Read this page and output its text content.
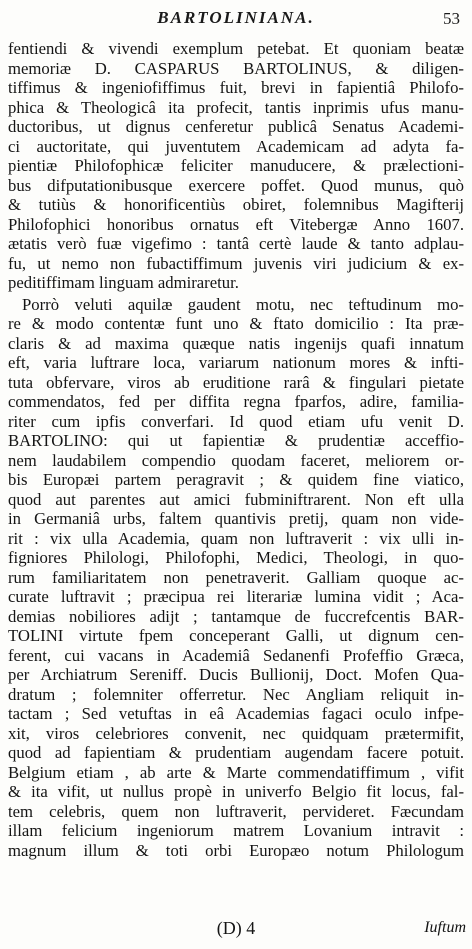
BARTOLINIANA.	53
fentiendi & vivendi exemplum petebat. Et quoniam beatæ
memoriæ D. CASPARUS BARTOLINUS, & diligen-
tiffimus & ingeniofiffimus fuit, brevi in fapientiâ Philofo-
phica & Theologicâ ita profecit, tantis inprimis ufus manu-
ductoribus, ut dignus cenferetur publicâ Senatus Academi-
ci auctoritate, qui juventutem Academicam ad adyta fa-
pientiæ Philofophicæ feliciter manuducere, & prælectioni-
bus difputationibusque exercere poffet. Quod munus, quò
& tutiùs & honorificentiùs obiret, folemnibus Magifterij
Philofophici honoribus ornatus eft Vitebergæ Anno 1607.
ætatis verò fuæ vigefimo : tantâ certè laude & tanto adplau-
fu, ut nemo non fubactiffimum juvenis viri judicium & ex-
peditiffimam linguam admiraretur.
Porrò veluti aquilæ gaudent motu, nec teftudinum mo-
re & modo contentæ funt uno & ftato domicilio : Ita præ-
claris & ad maxima quæque natis ingenijs quafi innatum
eft, varia luftrare loca, variarum nationum mores & infti-
tuta obfervare, viros ab eruditione rarâ & fingulari pietate
commendatos, fed per diffita regna fparfos, adire, familia-
riter cum ipfis converfari. Id quod etiam ufu venit D.
BARTOLINO: qui ut fapientiæ & prudentiæ acceffio-
nem laudabilem compendio quodam faceret, meliorem or-
bis Europæi partem peragravit ; & quidem fine viatico,
quod aut parentes aut amici fubminiftrarent. Non eft ulla
in Germaniâ urbs, faltem quantivis pretij, quam non vide-
rit : vix ulla Academia, quam non luftraverit : vix ulli in-
figniores Philologi, Philofophi, Medici, Theologi, in quo-
rum familiaritatem non penetraverit. Galliam quoque ac-
curate luftravit ; præcipua rei literariæ lumina vidit ; Aca-
demias nobiliores adijt ; tantamque de fuccrefcentis BAR-
TOLINI virtute fpem conceperant Galli, ut dignum cen-
ferent, cui vacans in Academiâ Sedanenfi Profeffio Græca,
per Archiatrum Sereniff. Ducis Bullionij, Doct. Mofen Qua-
dratum ; folemniter offerretur. Nec Angliam reliquit in-
tactam ; Sed vetuftas in eâ Academias fagaci oculo infpe-
xit, viros celebriores convenit, nec quidquam prætermifit,
quod ad fapientiam & prudentiam augendam facere potuit.
Belgium etiam , ab arte & Marte commendatiffimum , vifit
& ita vifit, ut nullus propè in univerfo Belgio fit locus, fal-
tem celebris, quem non luftraverit, pervideret. Fæcundam
illam felicium ingeniorum matrem Lovanium intravit :
magnum illum & toti orbi Europæo notum Philologum
(D) 4	Iuftum
